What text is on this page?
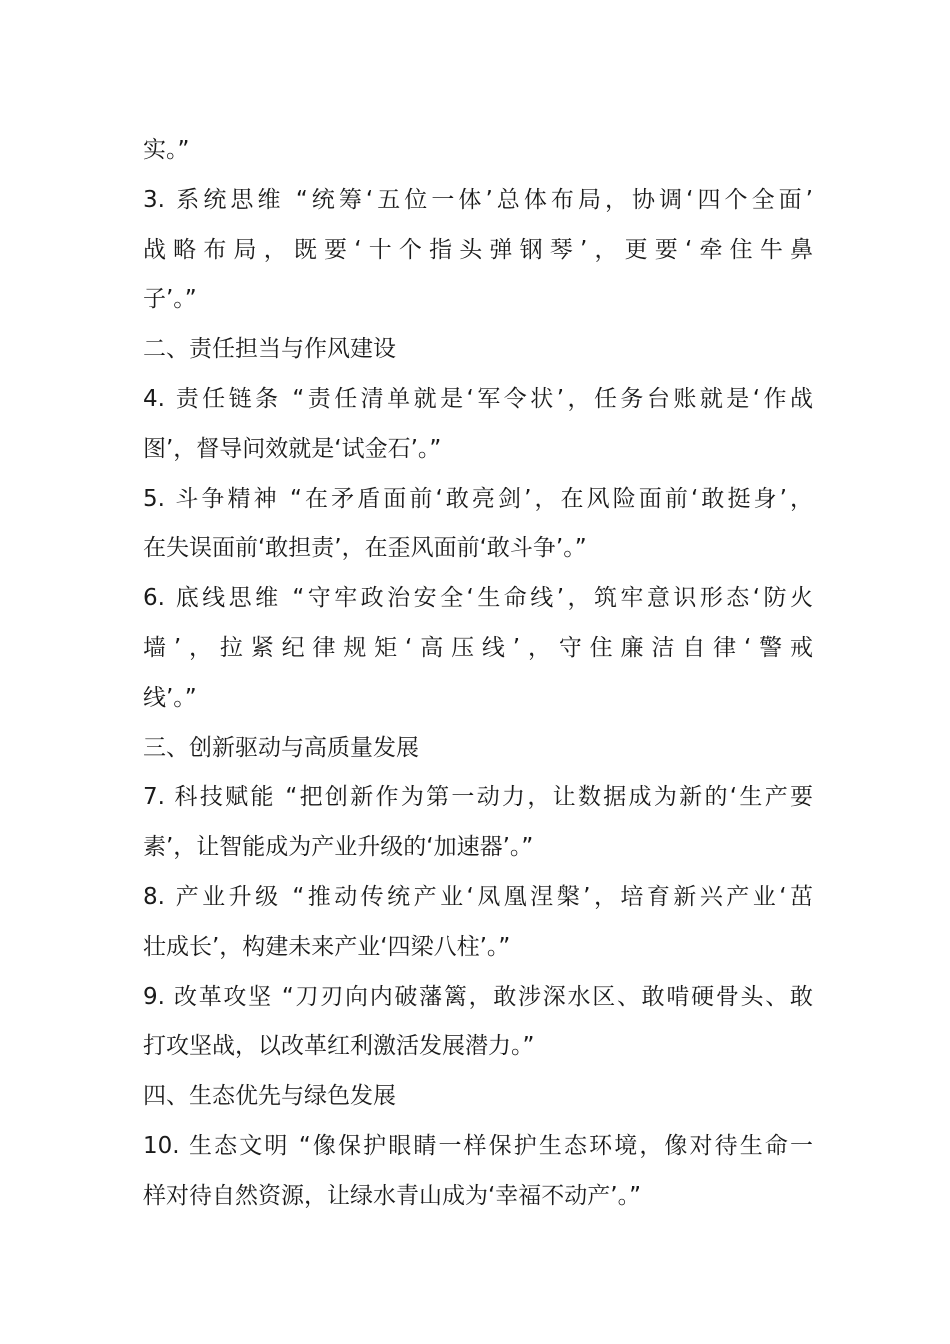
实。”
3. 系统思维 “统筹‘五位一体’总体布局，协调‘四个全面’
战略布局，既要‘十个指头弹钢琴’，更要‘牵住牛鼻
子’。”
二、责任担当与作风建设
4. 责任链条 “责任清单就是‘军令状’，任务台账就是‘作战
图’，督导问效就是‘试金石’。”
5. 斗争精神 “在矛盾面前‘敢亮剑’，在风险面前‘敢挺身’，
在失误面前‘敢担责’，在歪风面前‘敢斗争’。”
6. 底线思维 “守牢政治安全‘生命线’，筑牢意识形态‘防火
墙’，拉紧纪律规矩‘高压线’，守住廉洁自律‘警戒
线’。”
三、创新驱动与高质量发展
7. 科技赋能 “把创新作为第一动力，让数据成为新的‘生产要
素’，让智能成为产业升级的‘加速器’。”
8. 产业升级 “推动传统产业‘凤凰涅槃’，培育新兴产业‘茁
壮成长’，构建未来产业‘四梁八柱’。”
9. 改革攻坚 “刀刃向内破藩篱，敢涉深水区、敢啃硬骨头、敢
打攻坚战，以改革红利激活发展潜力。”
四、生态优先与绿色发展
10. 生态文明 “像保护眼睛一样保护生态环境，像对待生命一
样对待自然资源，让绿水青山成为‘幸福不动产’。”
